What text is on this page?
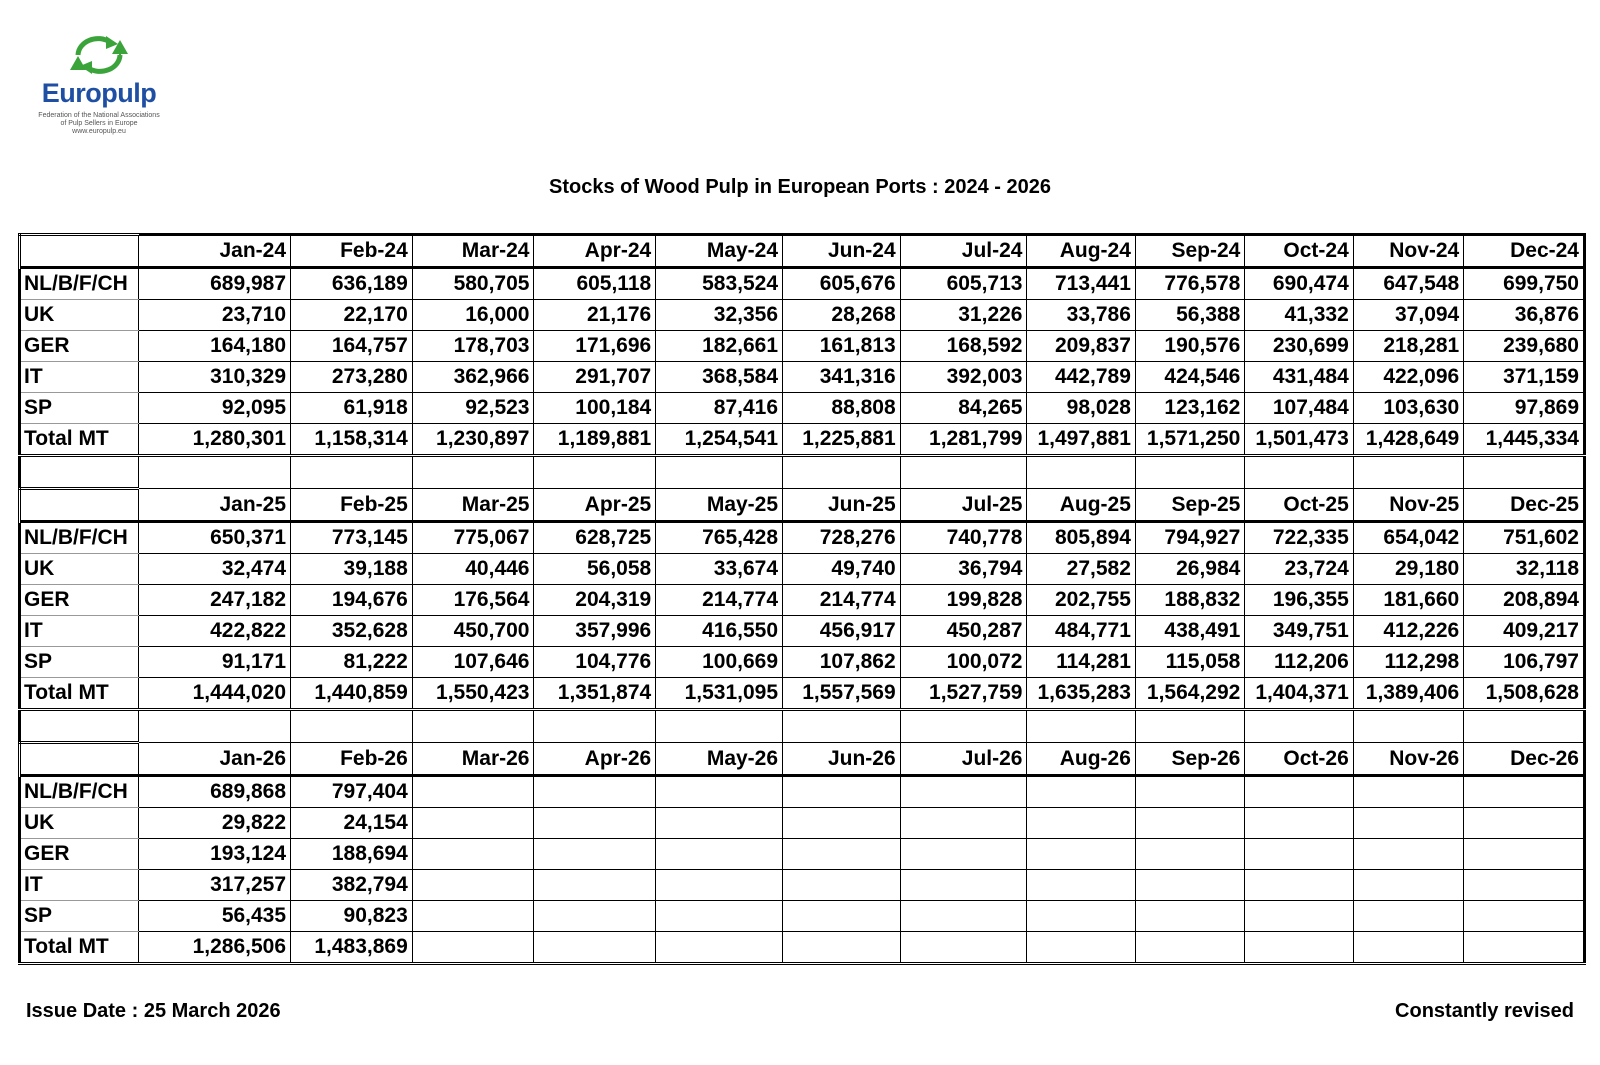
Europulp
Federation of the National Associations
of Pulp Sellers in Europe
www.europulp.eu
Stocks of Wood Pulp in European Ports : 2024 - 2026
	Jan-24	Feb-24	Mar-24	Apr-24	May-24	Jun-24	Jul-24	Aug-24	Sep-24	Oct-24	Nov-24	Dec-24
NL/B/F/CH	689,987	636,189	580,705	605,118	583,524	605,676	605,713	713,441	776,578	690,474	647,548	699,750
UK	23,710	22,170	16,000	21,176	32,356	28,268	31,226	33,786	56,388	41,332	37,094	36,876
GER	164,180	164,757	178,703	171,696	182,661	161,813	168,592	209,837	190,576	230,699	218,281	239,680
IT	310,329	273,280	362,966	291,707	368,584	341,316	392,003	442,789	424,546	431,484	422,096	371,159
SP	92,095	61,918	92,523	100,184	87,416	88,808	84,265	98,028	123,162	107,484	103,630	97,869
Total MT	1,280,301	1,158,314	1,230,897	1,189,881	1,254,541	1,225,881	1,281,799	1,497,881	1,571,250	1,501,473	1,428,649	1,445,334

	Jan-25	Feb-25	Mar-25	Apr-25	May-25	Jun-25	Jul-25	Aug-25	Sep-25	Oct-25	Nov-25	Dec-25
NL/B/F/CH	650,371	773,145	775,067	628,725	765,428	728,276	740,778	805,894	794,927	722,335	654,042	751,602
UK	32,474	39,188	40,446	56,058	33,674	49,740	36,794	27,582	26,984	23,724	29,180	32,118
GER	247,182	194,676	176,564	204,319	214,774	214,774	199,828	202,755	188,832	196,355	181,660	208,894
IT	422,822	352,628	450,700	357,996	416,550	456,917	450,287	484,771	438,491	349,751	412,226	409,217
SP	91,171	81,222	107,646	104,776	100,669	107,862	100,072	114,281	115,058	112,206	112,298	106,797
Total MT	1,444,020	1,440,859	1,550,423	1,351,874	1,531,095	1,557,569	1,527,759	1,635,283	1,564,292	1,404,371	1,389,406	1,508,628

	Jan-26	Feb-26	Mar-26	Apr-26	May-26	Jun-26	Jul-26	Aug-26	Sep-26	Oct-26	Nov-26	Dec-26
NL/B/F/CH	689,868	797,404										
UK	29,822	24,154										
GER	193,124	188,694										
IT	317,257	382,794										
SP	56,435	90,823										
Total MT	1,286,506	1,483,869										
Issue Date : 25 March 2026	Constantly revised
